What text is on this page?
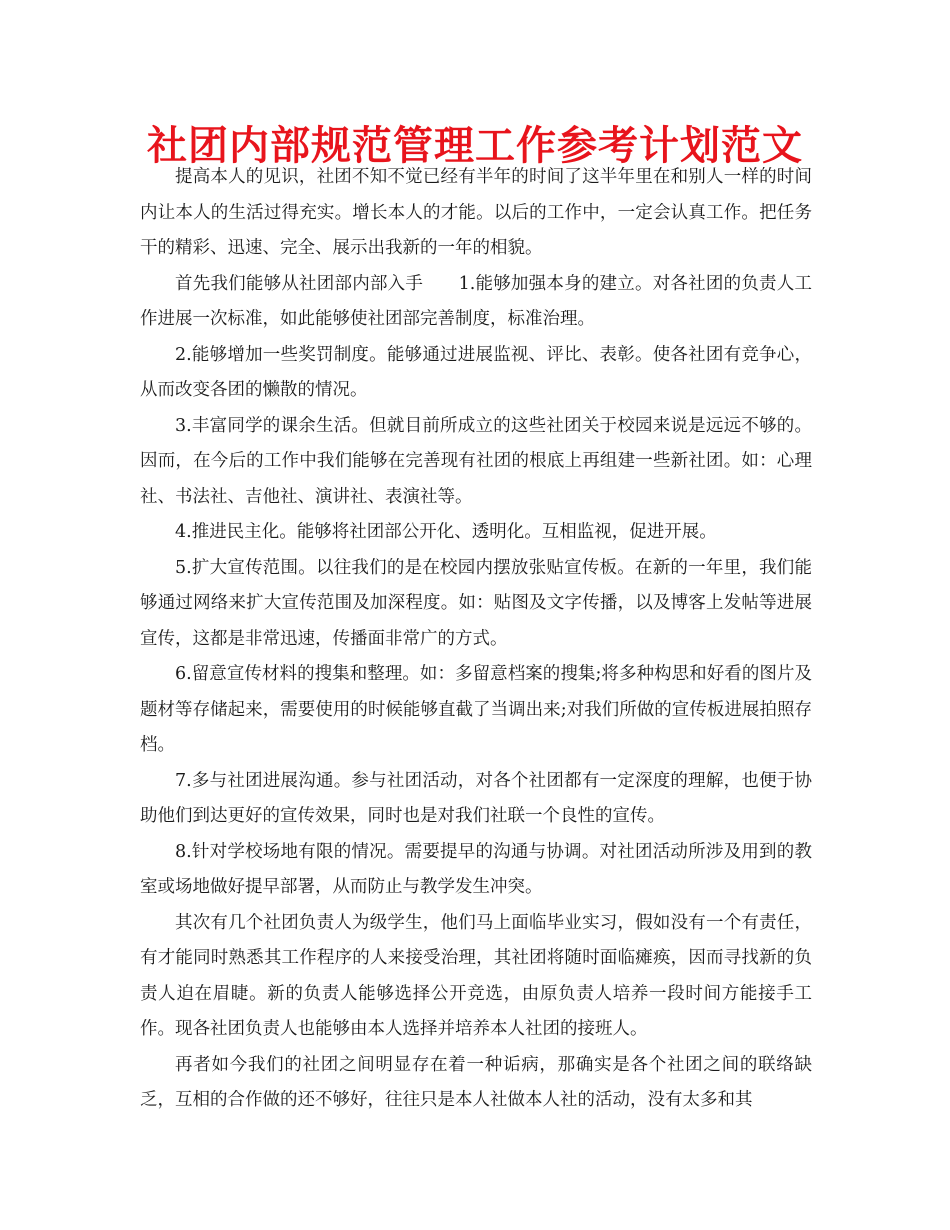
社团内部规范管理工作参考计划范文

提高本人的见识，社团不知不觉已经有半年的时间了这半年里在和别人一样的时间内让本人的生活过得充实。增长本人的才能。以后的工作中，一定会认真工作。把任务干的精彩、迅速、完全、展示出我新的一年的相貌。

首先我们能够从社团部内部入手　　1.能够加强本身的建立。对各社团的负责人工作进展一次标准，如此能够使社团部完善制度，标准治理。

2.能够增加一些奖罚制度。能够通过进展监视、评比、表彰。使各社团有竞争心，从而改变各团的懒散的情况。

3.丰富同学的课余生活。但就目前所成立的这些社团关于校园来说是远远不够的。因而，在今后的工作中我们能够在完善现有社团的根底上再组建一些新社团。如：心理社、书法社、吉他社、演讲社、表演社等。

4.推进民主化。能够将社团部公开化、透明化。互相监视，促进开展。

5.扩大宣传范围。以往我们的是在校园内摆放张贴宣传板。在新的一年里，我们能够通过网络来扩大宣传范围及加深程度。如：贴图及文字传播，以及博客上发帖等进展宣传，这都是非常迅速，传播面非常广的方式。

6.留意宣传材料的搜集和整理。如：多留意档案的搜集;将多种构思和好看的图片及题材等存储起来，需要使用的时候能够直截了当调出来;对我们所做的宣传板进展拍照存档。

7.多与社团进展沟通。参与社团活动，对各个社团都有一定深度的理解，也便于协助他们到达更好的宣传效果，同时也是对我们社联一个良性的宣传。

8.针对学校场地有限的情况。需要提早的沟通与协调。对社团活动所涉及用到的教室或场地做好提早部署，从而防止与教学发生冲突。

其次有几个社团负责人为级学生，他们马上面临毕业实习，假如没有一个有责任，有才能同时熟悉其工作程序的人来接受治理，其社团将随时面临瘫痪，因而寻找新的负责人迫在眉睫。新的负责人能够选择公开竞选，由原负责人培养一段时间方能接手工作。现各社团负责人也能够由本人选择并培养本人社团的接班人。

再者如今我们的社团之间明显存在着一种诟病，那确实是各个社团之间的联络缺乏，互相的合作做的还不够好，往往只是本人社做本人社的活动，没有太多和其
